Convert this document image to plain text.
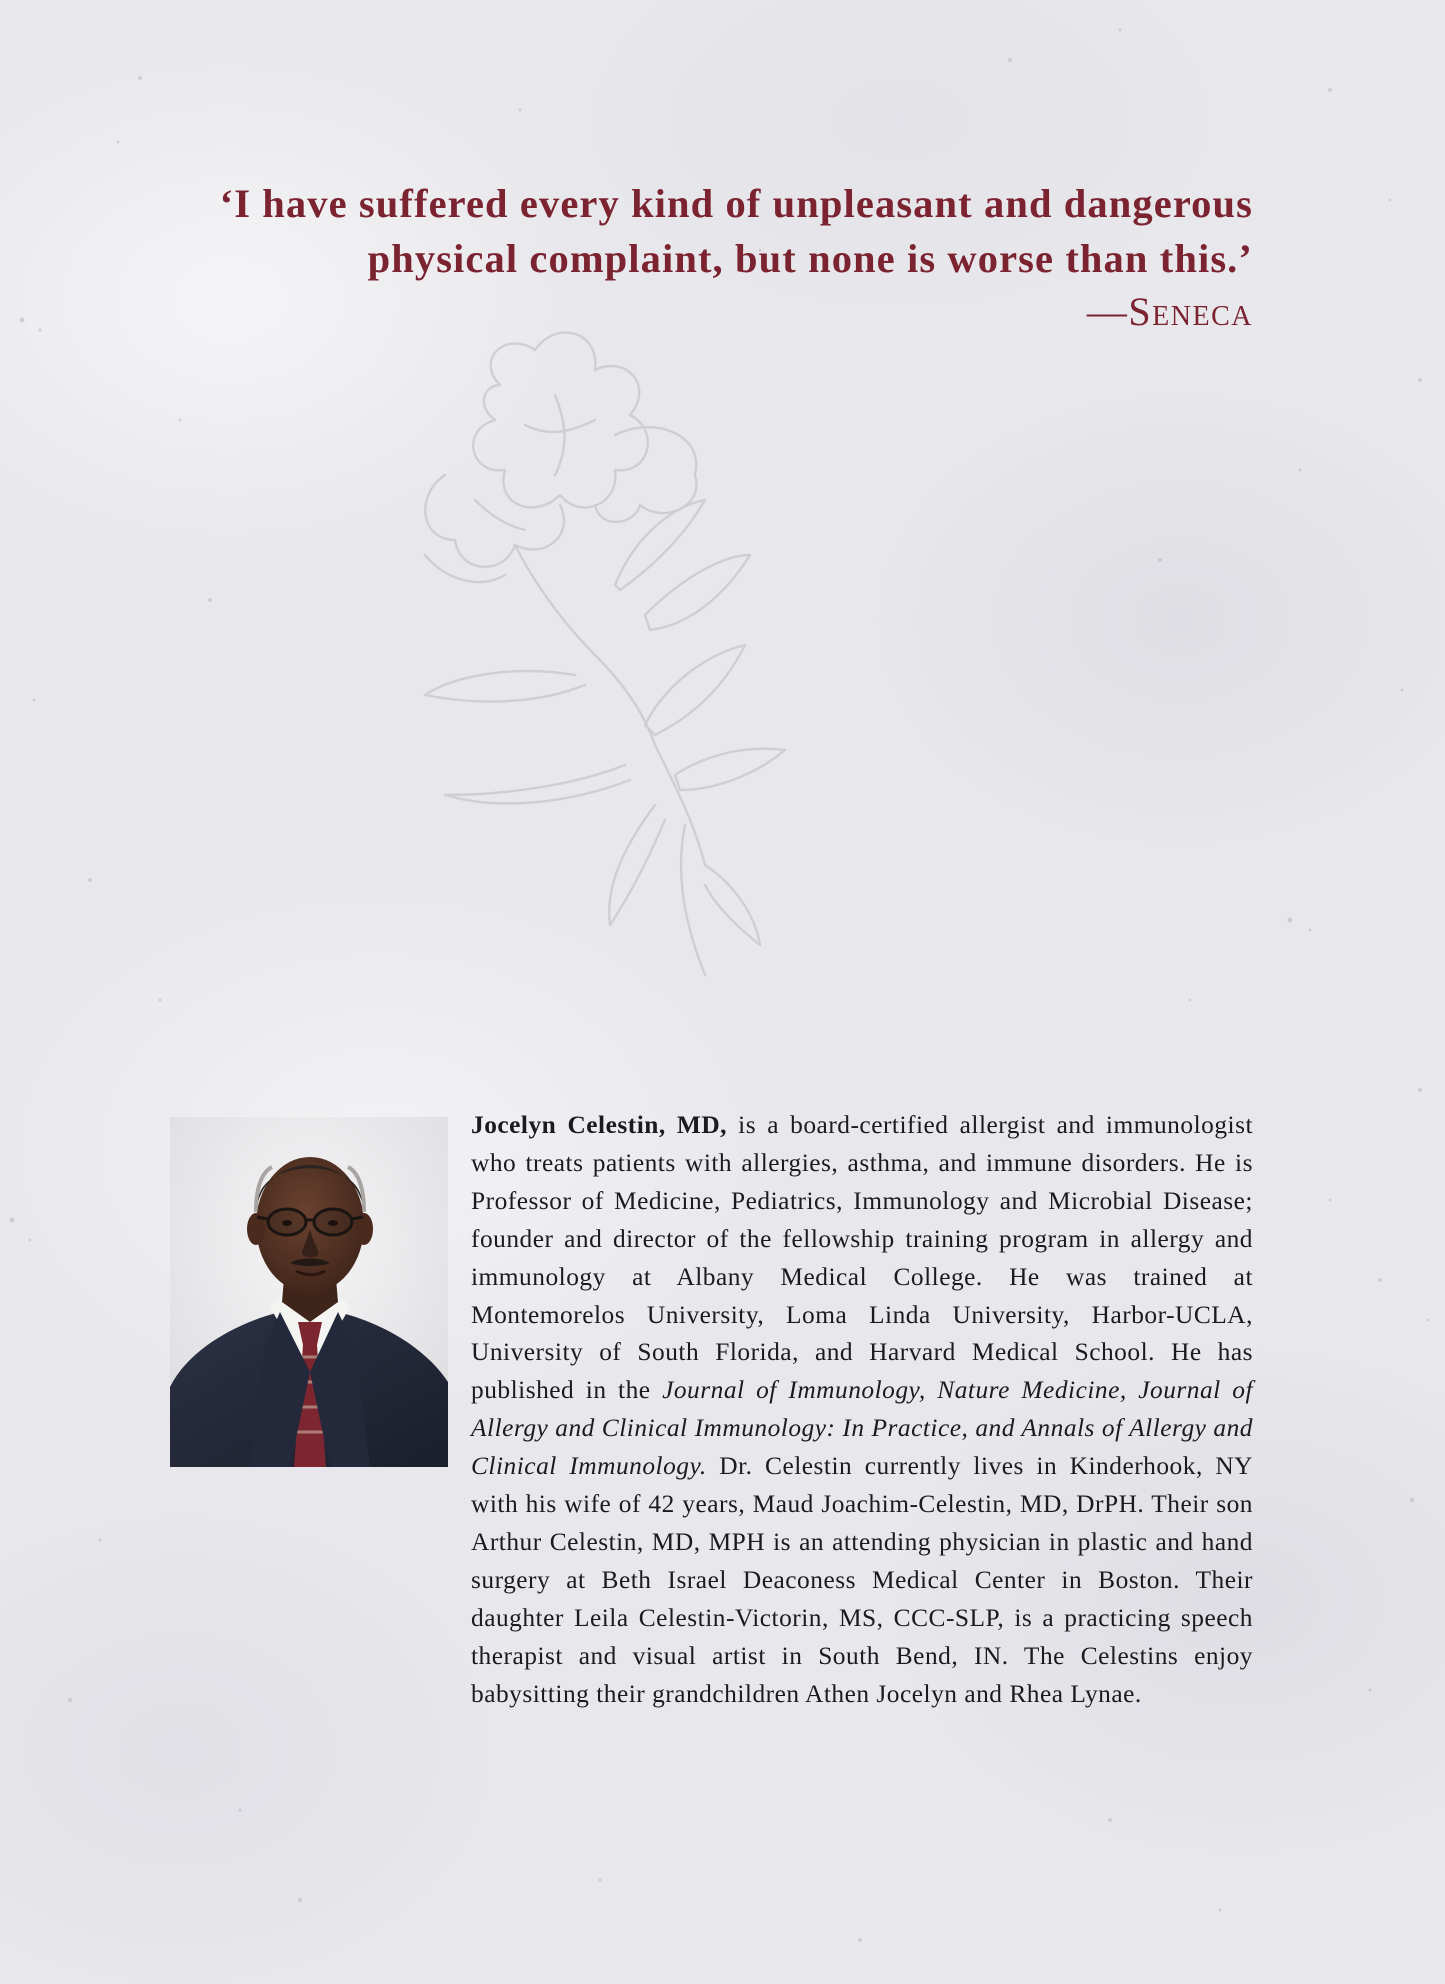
‘I have suffered every kind of unpleasant and dangerous physical complaint, but none is worse than this.’

—Seneca

Jocelyn Celestin, MD, is a board-certified allergist and immunologist who treats patients with allergies, asthma, and immune disorders. He is Professor of Medicine, Pediatrics, Immunology and Microbial Disease; founder and director of the fellowship training program in allergy and immunology at Albany Medical College. He was trained at Montemorelos University, Loma Linda University, Harbor-UCLA, University of South Florida, and Harvard Medical School. He has published in the Journal of Immunology, Nature Medicine, Journal of Allergy and Clinical Immunology: In Practice, and Annals of Allergy and Clinical Immunology. Dr. Celestin currently lives in Kinderhook, NY with his wife of 42 years, Maud Joachim-Celestin, MD, DrPH. Their son Arthur Celestin, MD, MPH is an attending physician in plastic and hand surgery at Beth Israel Deaconess Medical Center in Boston. Their daughter Leila Celestin-Victorin, MS, CCC-SLP, is a practicing speech therapist and visual artist in South Bend, IN. The Celestins enjoy babysitting their grandchildren Athen Jocelyn and Rhea Lynae.
